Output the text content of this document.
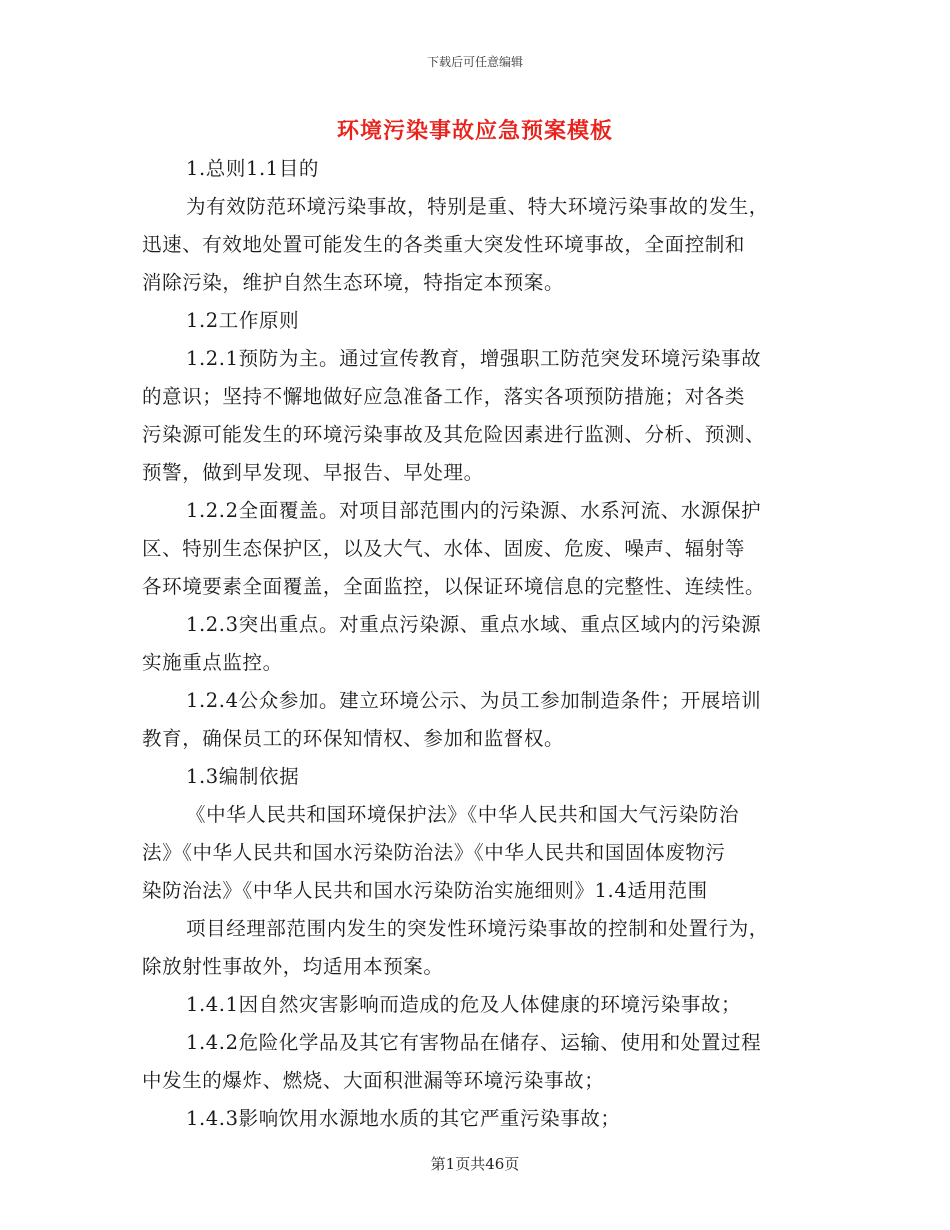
下载后可任意编辑
环境污染事故应急预案模板
1.总则1.1目的
为有效防范环境污染事故，特别是重、特大环境污染事故的发生，
迅速、有效地处置可能发生的各类重大突发性环境事故，全面控制和
消除污染，维护自然生态环境，特指定本预案。
1.2工作原则
1.2.1预防为主。通过宣传教育，增强职工防范突发环境污染事故
的意识；坚持不懈地做好应急准备工作，落实各项预防措施；对各类
污染源可能发生的环境污染事故及其危险因素进行监测、分析、预测、
预警，做到早发现、早报告、早处理。
1.2.2全面覆盖。对项目部范围内的污染源、水系河流、水源保护
区、特别生态保护区，以及大气、水体、固废、危废、噪声、辐射等
各环境要素全面覆盖，全面监控，以保证环境信息的完整性、连续性。
1.2.3突出重点。对重点污染源、重点水域、重点区域内的污染源
实施重点监控。
1.2.4公众参加。建立环境公示、为员工参加制造条件；开展培训
教育，确保员工的环保知情权、参加和监督权。
1.3编制依据
《中华人民共和国环境保护法》《中华人民共和国大气污染防治
法》《中华人民共和国水污染防治法》《中华人民共和国固体废物污
染防治法》《中华人民共和国水污染防治实施细则》1.4适用范围
项目经理部范围内发生的突发性环境污染事故的控制和处置行为，
除放射性事故外，均适用本预案。
1.4.1因自然灾害影响而造成的危及人体健康的环境污染事故；
1.4.2危险化学品及其它有害物品在储存、运输、使用和处置过程
中发生的爆炸、燃烧、大面积泄漏等环境污染事故；
1.4.3影响饮用水源地水质的其它严重污染事故；
第1页共46页
